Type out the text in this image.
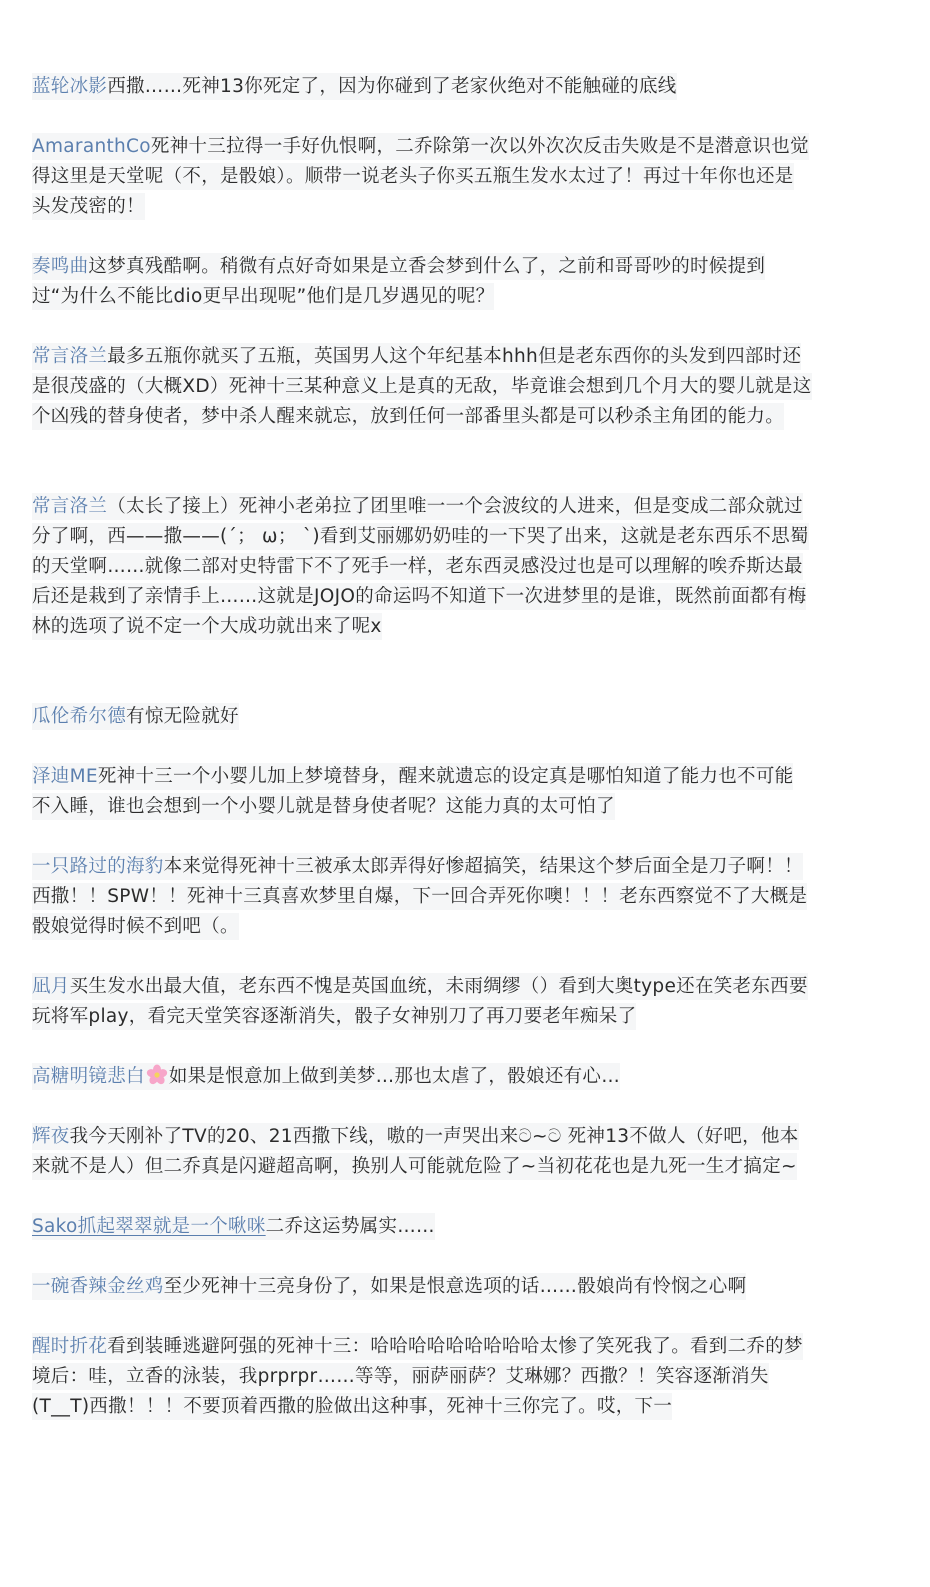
蓝轮冰影西撒……死神13你死定了，因为你碰到了老家伙绝对不能触碰的底线

AmaranthCo死神十三拉得一手好仇恨啊，二乔除第一次以外次次反击失败是不是潜意识也觉得这里是天堂呢（不，是骰娘）。顺带一说老头子你买五瓶生发水太过了！再过十年你也还是头发茂密的！

奏鸣曲这梦真残酷啊。稍微有点好奇如果是立香会梦到什么了，之前和哥哥吵的时候提到过“为什么不能比dio更早出现呢”他们是几岁遇见的呢？

常言洛兰最多五瓶你就买了五瓶，英国男人这个年纪基本hhh但是老东西你的头发到四部时还是很茂盛的（大概XD）死神十三某种意义上是真的无敌，毕竟谁会想到几个月大的婴儿就是这个凶残的替身使者，梦中杀人醒来就忘，放到任何一部番里头都是可以秒杀主角团的能力。

常言洛兰（太长了接上）死神小老弟拉了团里唯一一个会波纹的人进来，但是变成二部众就过分了啊，西——撒——(´； ω； `)看到艾丽娜奶奶哇的一下哭了出来，这就是老东西乐不思蜀的天堂啊……就像二部对史特雷下不了死手一样，老东西灵感没过也是可以理解的唉乔斯达最后还是栽到了亲情手上……这就是JOJO的命运吗不知道下一次进梦里的是谁，既然前面都有梅林的选项了说不定一个大成功就出来了呢x

瓜伦希尔德有惊无险就好

泽迪ME死神十三一个小婴儿加上梦境替身，醒来就遗忘的设定真是哪怕知道了能力也不可能不入睡，谁也会想到一个小婴儿就是替身使者呢？这能力真的太可怕了

一只路过的海豹本来觉得死神十三被承太郎弄得好惨超搞笑，结果这个梦后面全是刀子啊！！西撒！！SPW！！死神十三真喜欢梦里自爆，下一回合弄死你噢！！！老东西察觉不了大概是骰娘觉得时候不到吧（。

凪月买生发水出最大值，老东西不愧是英国血统，未雨绸缪（）看到大奥type还在笑老东西要玩将军play，看完天堂笑容逐渐消失，骰子女神别刀了再刀要老年痴呆了

高糖明镜悲白 如果是恨意加上做到美梦…那也太虐了，骰娘还有心…

辉夜我今天刚补了TV的20、21西撒下线，嗷的一声哭出来ට~ට 死神13不做人（好吧，他本来就不是人）但二乔真是闪避超高啊，换别人可能就危险了~当初花花也是九死一生才搞定~

Sako抓起翠翠就是一个啾咪二乔这运势属实……

一碗香辣金丝鸡至少死神十三亮身份了，如果是恨意选项的话……骰娘尚有怜悯之心啊

醒时折花看到装睡逃避阿强的死神十三：哈哈哈哈哈哈哈哈哈太惨了笑死我了。看到二乔的梦境后：哇，立香的泳装，我prprpr……等等，丽萨丽萨？艾琳娜？西撒？！笑容逐渐消失(T__T)西撒！！！不要顶着西撒的脸做出这种事，死神十三你完了。哎，下一
